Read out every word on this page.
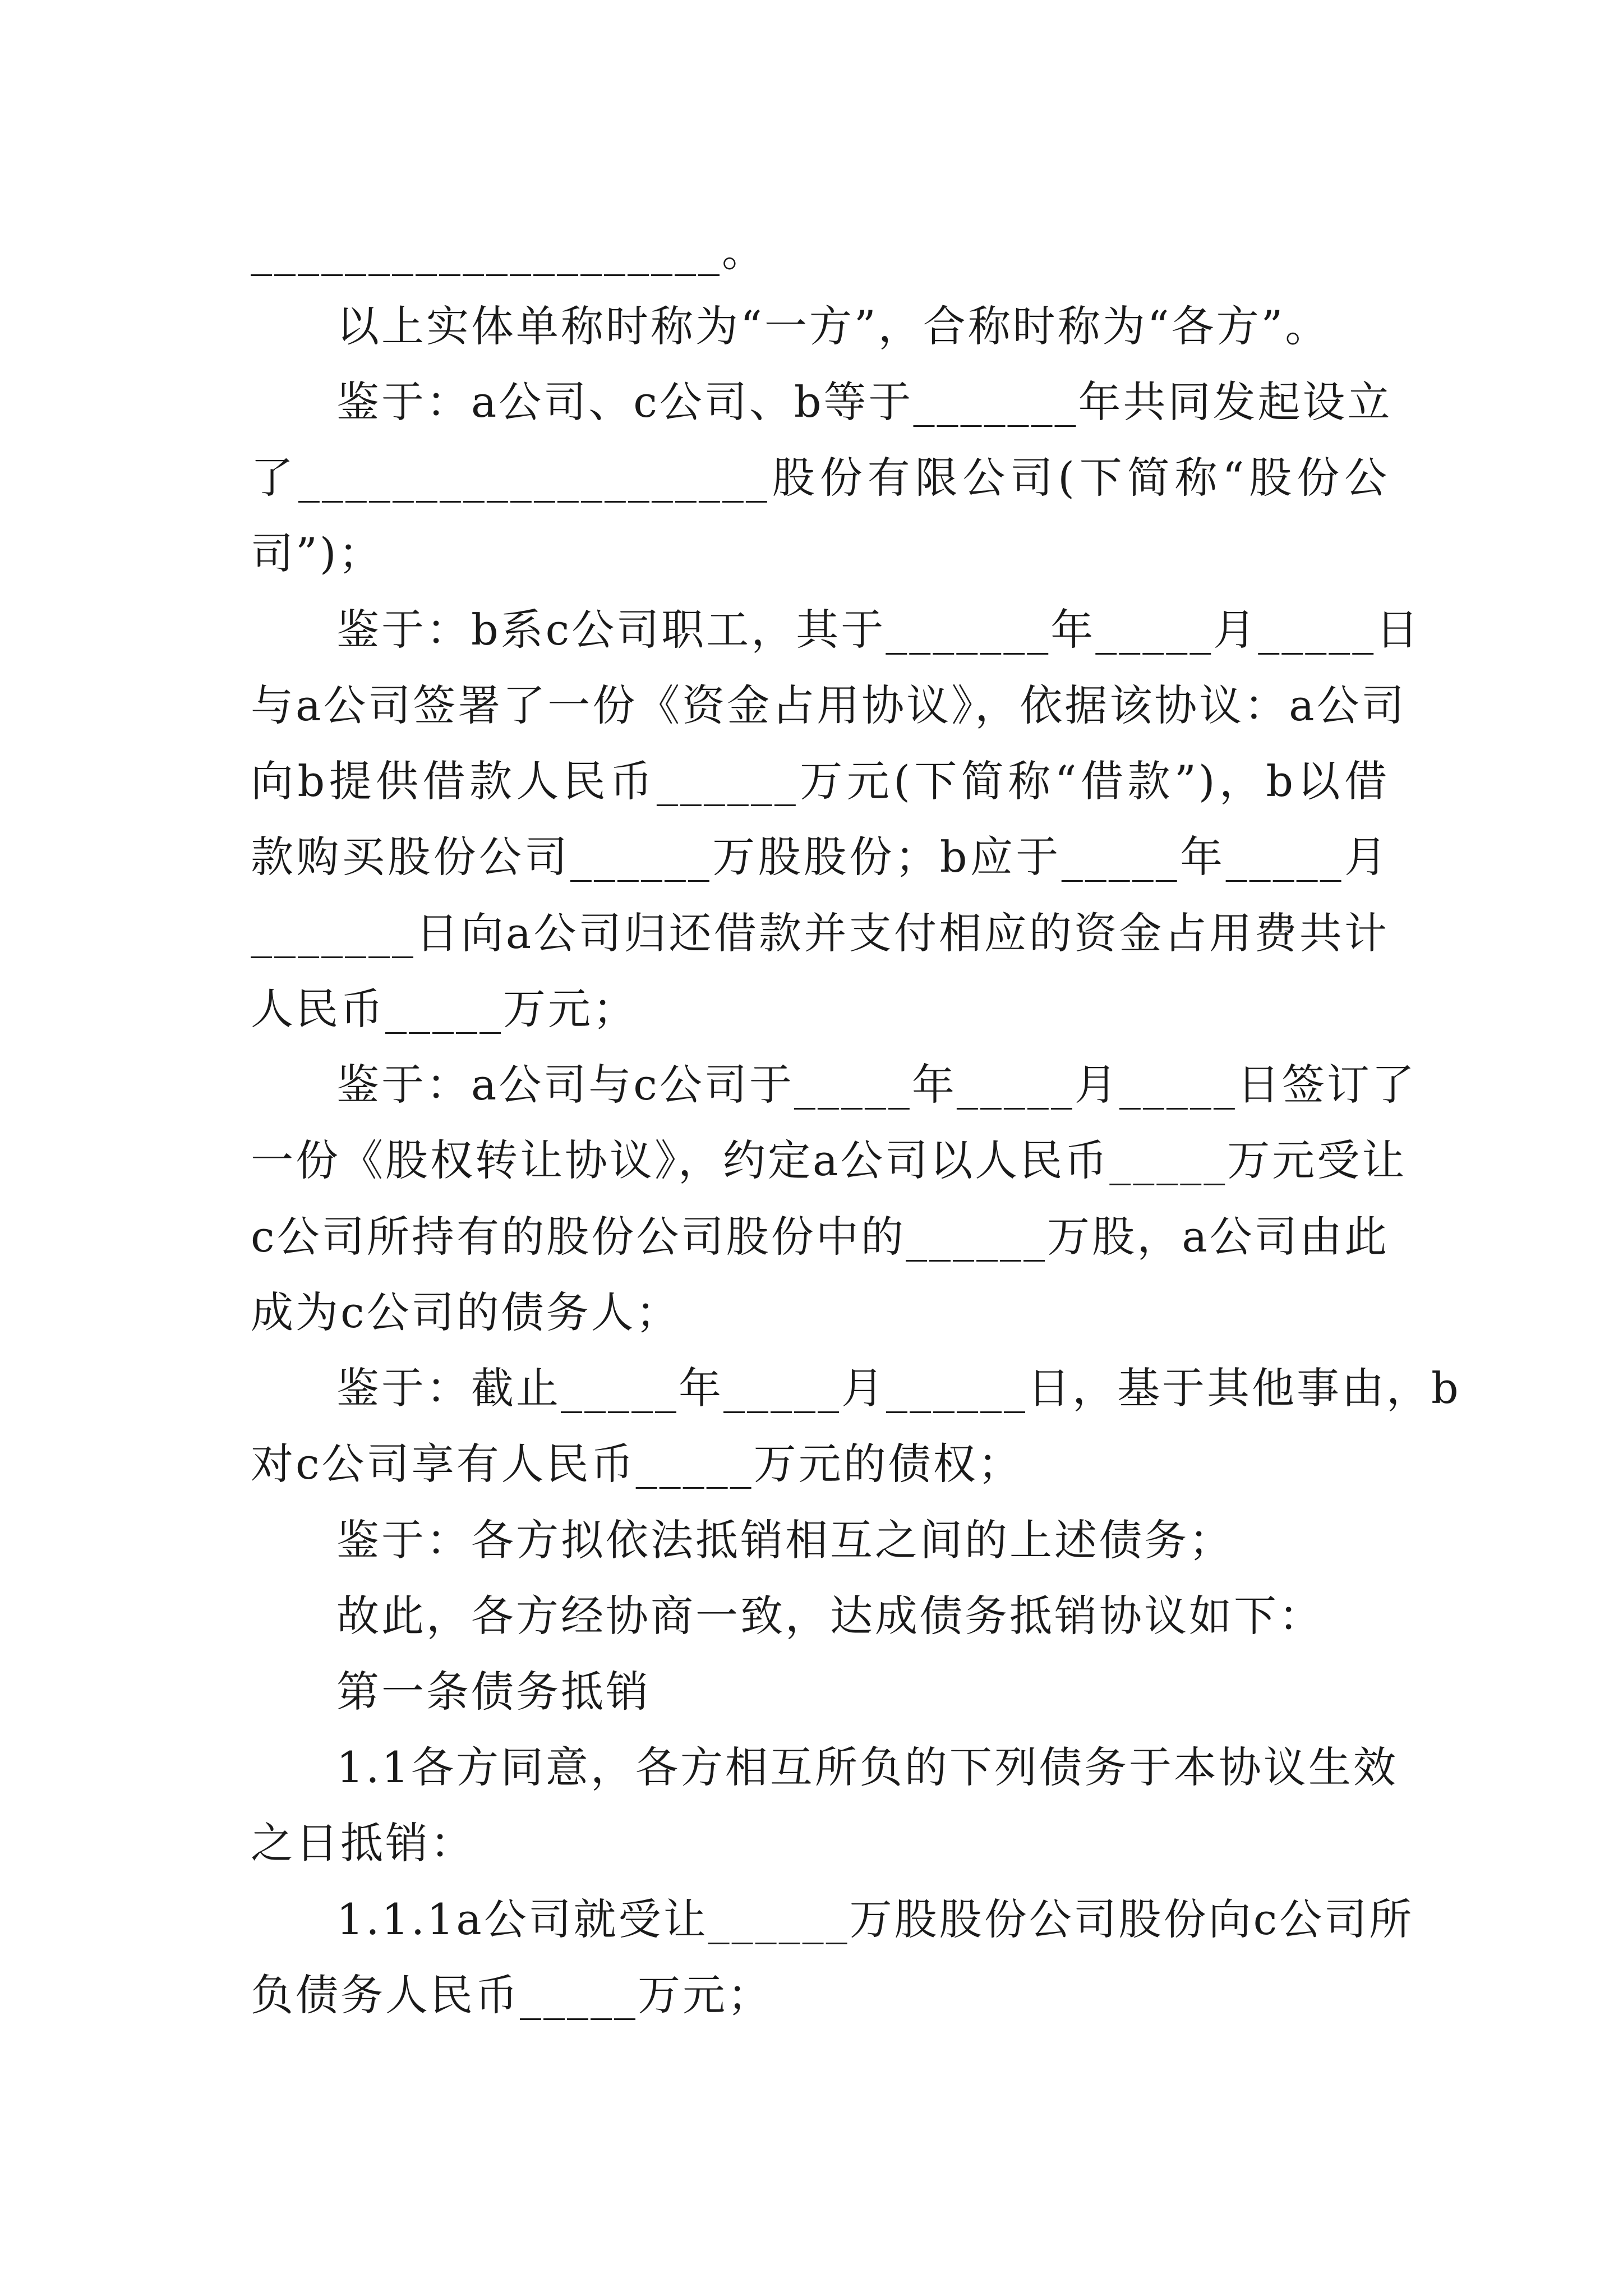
____________________。
以上实体单称时称为“一方”，合称时称为“各方”。
鉴于：a公司、c公司、b等于_______年共同发起设立
了____________________股份有限公司(下简称“股份公
司”)；
鉴于：b系c公司职工，其于_______年_____月_____日
与a公司签署了一份《资金占用协议》，依据该协议：a公司
向b提供借款人民币______万元(下简称“借款”)，b以借
款购买股份公司______万股股份；b应于_____年_____月
_______日向a公司归还借款并支付相应的资金占用费共计
人民币_____万元；
鉴于：a公司与c公司于_____年_____月_____日签订了
一份《股权转让协议》，约定a公司以人民币_____万元受让
c公司所持有的股份公司股份中的______万股，a公司由此
成为c公司的债务人；
鉴于：截止_____年_____月______日，基于其他事由，b
对c公司享有人民币_____万元的债权；
鉴于：各方拟依法抵销相互之间的上述债务；
故此，各方经协商一致，达成债务抵销协议如下：
第一条债务抵销
1.1各方同意，各方相互所负的下列债务于本协议生效
之日抵销：
1.1.1a公司就受让______万股股份公司股份向c公司所
负债务人民币_____万元；
